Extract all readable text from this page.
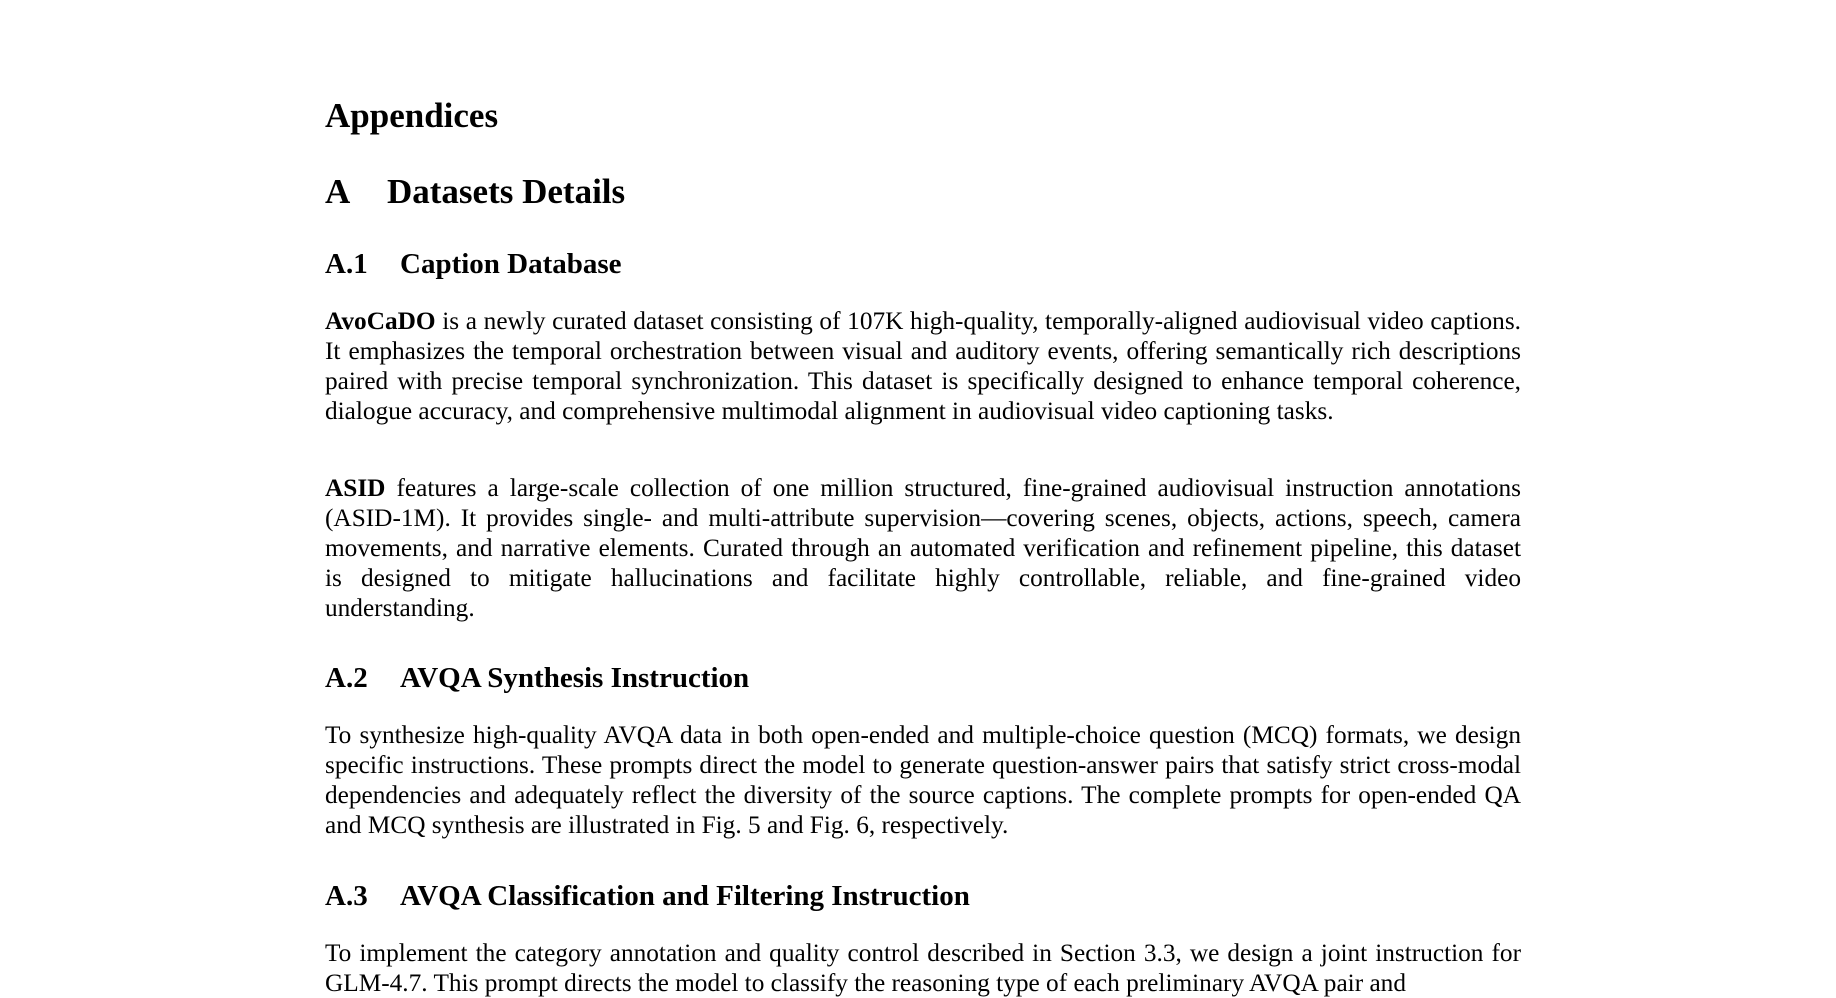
Appendices
A Datasets Details
A.1 Caption Database

AvoCaDO is a newly curated dataset consisting of 107K high-quality, temporally-aligned audiovisual video captions. It emphasizes the temporal orchestration between visual and auditory events, offering semantically rich descriptions paired with precise temporal synchronization. This dataset is specifically designed to enhance temporal coherence, dialogue accuracy, and comprehensive multimodal alignment in audiovisual video captioning tasks.

ASID features a large-scale collection of one million structured, fine-grained audiovisual instruction annotations (ASID-1M). It provides single- and multi-attribute supervision—covering scenes, objects, actions, speech, camera movements, and narrative elements. Curated through an automated verification and refinement pipeline, this dataset is designed to mitigate hallucinations and facilitate highly controllable, reliable, and fine-grained video understanding.

A.2 AVQA Synthesis Instruction

To synthesize high-quality AVQA data in both open-ended and multiple-choice question (MCQ) formats, we design specific instructions. These prompts direct the model to generate question-answer pairs that satisfy strict cross-modal dependencies and adequately reflect the diversity of the source captions. The complete prompts for open-ended QA and MCQ synthesis are illustrated in Fig. 5 and Fig. 6, respectively.

A.3 AVQA Classification and Filtering Instruction

To implement the category annotation and quality control described in Section 3.3, we design a joint instruction for GLM-4.7. This prompt directs the model to classify the reasoning type of each preliminary AVQA pair and
